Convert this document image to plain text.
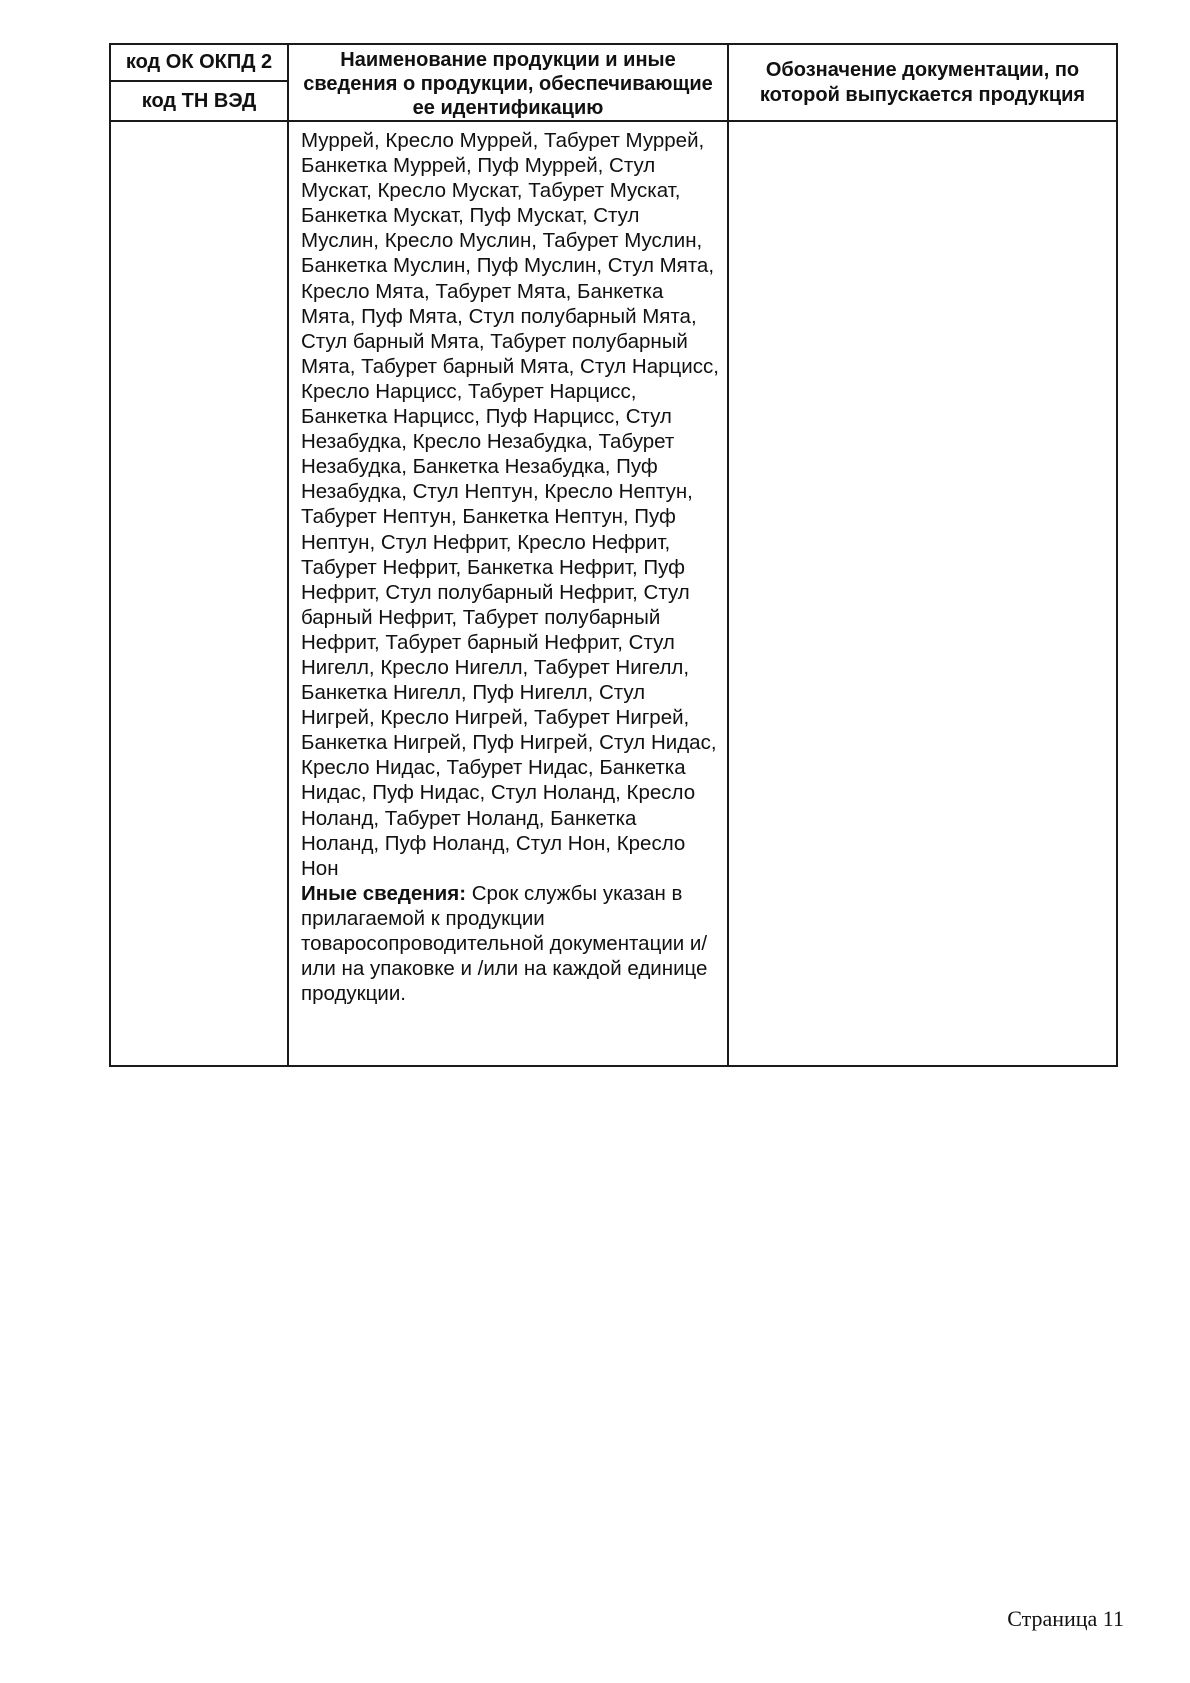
код ОК ОКПД 2	Наименование продукции и иные сведения о продукции, обеспечивающие ее идентификацию	Обозначение документации, по которой выпускается продукция
код ТН ВЭД		

	Муррей, Кресло Муррей, Табурет Муррей, Банкетка Муррей, Пуф Муррей, Стул Мускат, Кресло Мускат, Табурет Мускат, Банкетка Мускат, Пуф Мускат, Стул Муслин, Кресло Муслин, Табурет Муслин, Банкетка Муслин, Пуф Муслин, Стул Мята, Кресло Мята, Табурет Мята, Банкетка Мята, Пуф Мята, Стул полубарный Мята, Стул барный Мята, Табурет полубарный Мята, Табурет барный Мята, Стул Нарцисс, Кресло Нарцисс, Табурет Нарцисс, Банкетка Нарцисс, Пуф Нарцисс, Стул Незабудка, Кресло Незабудка, Табурет Незабудка, Банкетка Незабудка, Пуф Незабудка, Стул Нептун, Кресло Нептун, Табурет Нептун, Банкетка Нептун, Пуф Нептун, Стул Нефрит, Кресло Нефрит, Табурет Нефрит, Банкетка Нефрит, Пуф Нефрит, Стул полубарный Нефрит, Стул барный Нефрит, Табурет полубарный Нефрит, Табурет барный Нефрит, Стул Нигелл, Кресло Нигелл, Табурет Нигелл, Банкетка Нигелл, Пуф Нигелл, Стул Нигрей, Кресло Нигрей, Табурет Нигрей, Банкетка Нигрей, Пуф Нигрей, Стул Нидас, Кресло Нидас, Табурет Нидас, Банкетка Нидас, Пуф Нидас, Стул Ноланд, Кресло Ноланд, Табурет Ноланд, Банкетка Ноланд, Пуф Ноланд, Стул Нон, Кресло Нон

Иные сведения: Срок службы указан в прилагаемой к продукции товаросопроводительной документации и/или на упаковке и /или на каждой единице продукции.	

Страница 11
